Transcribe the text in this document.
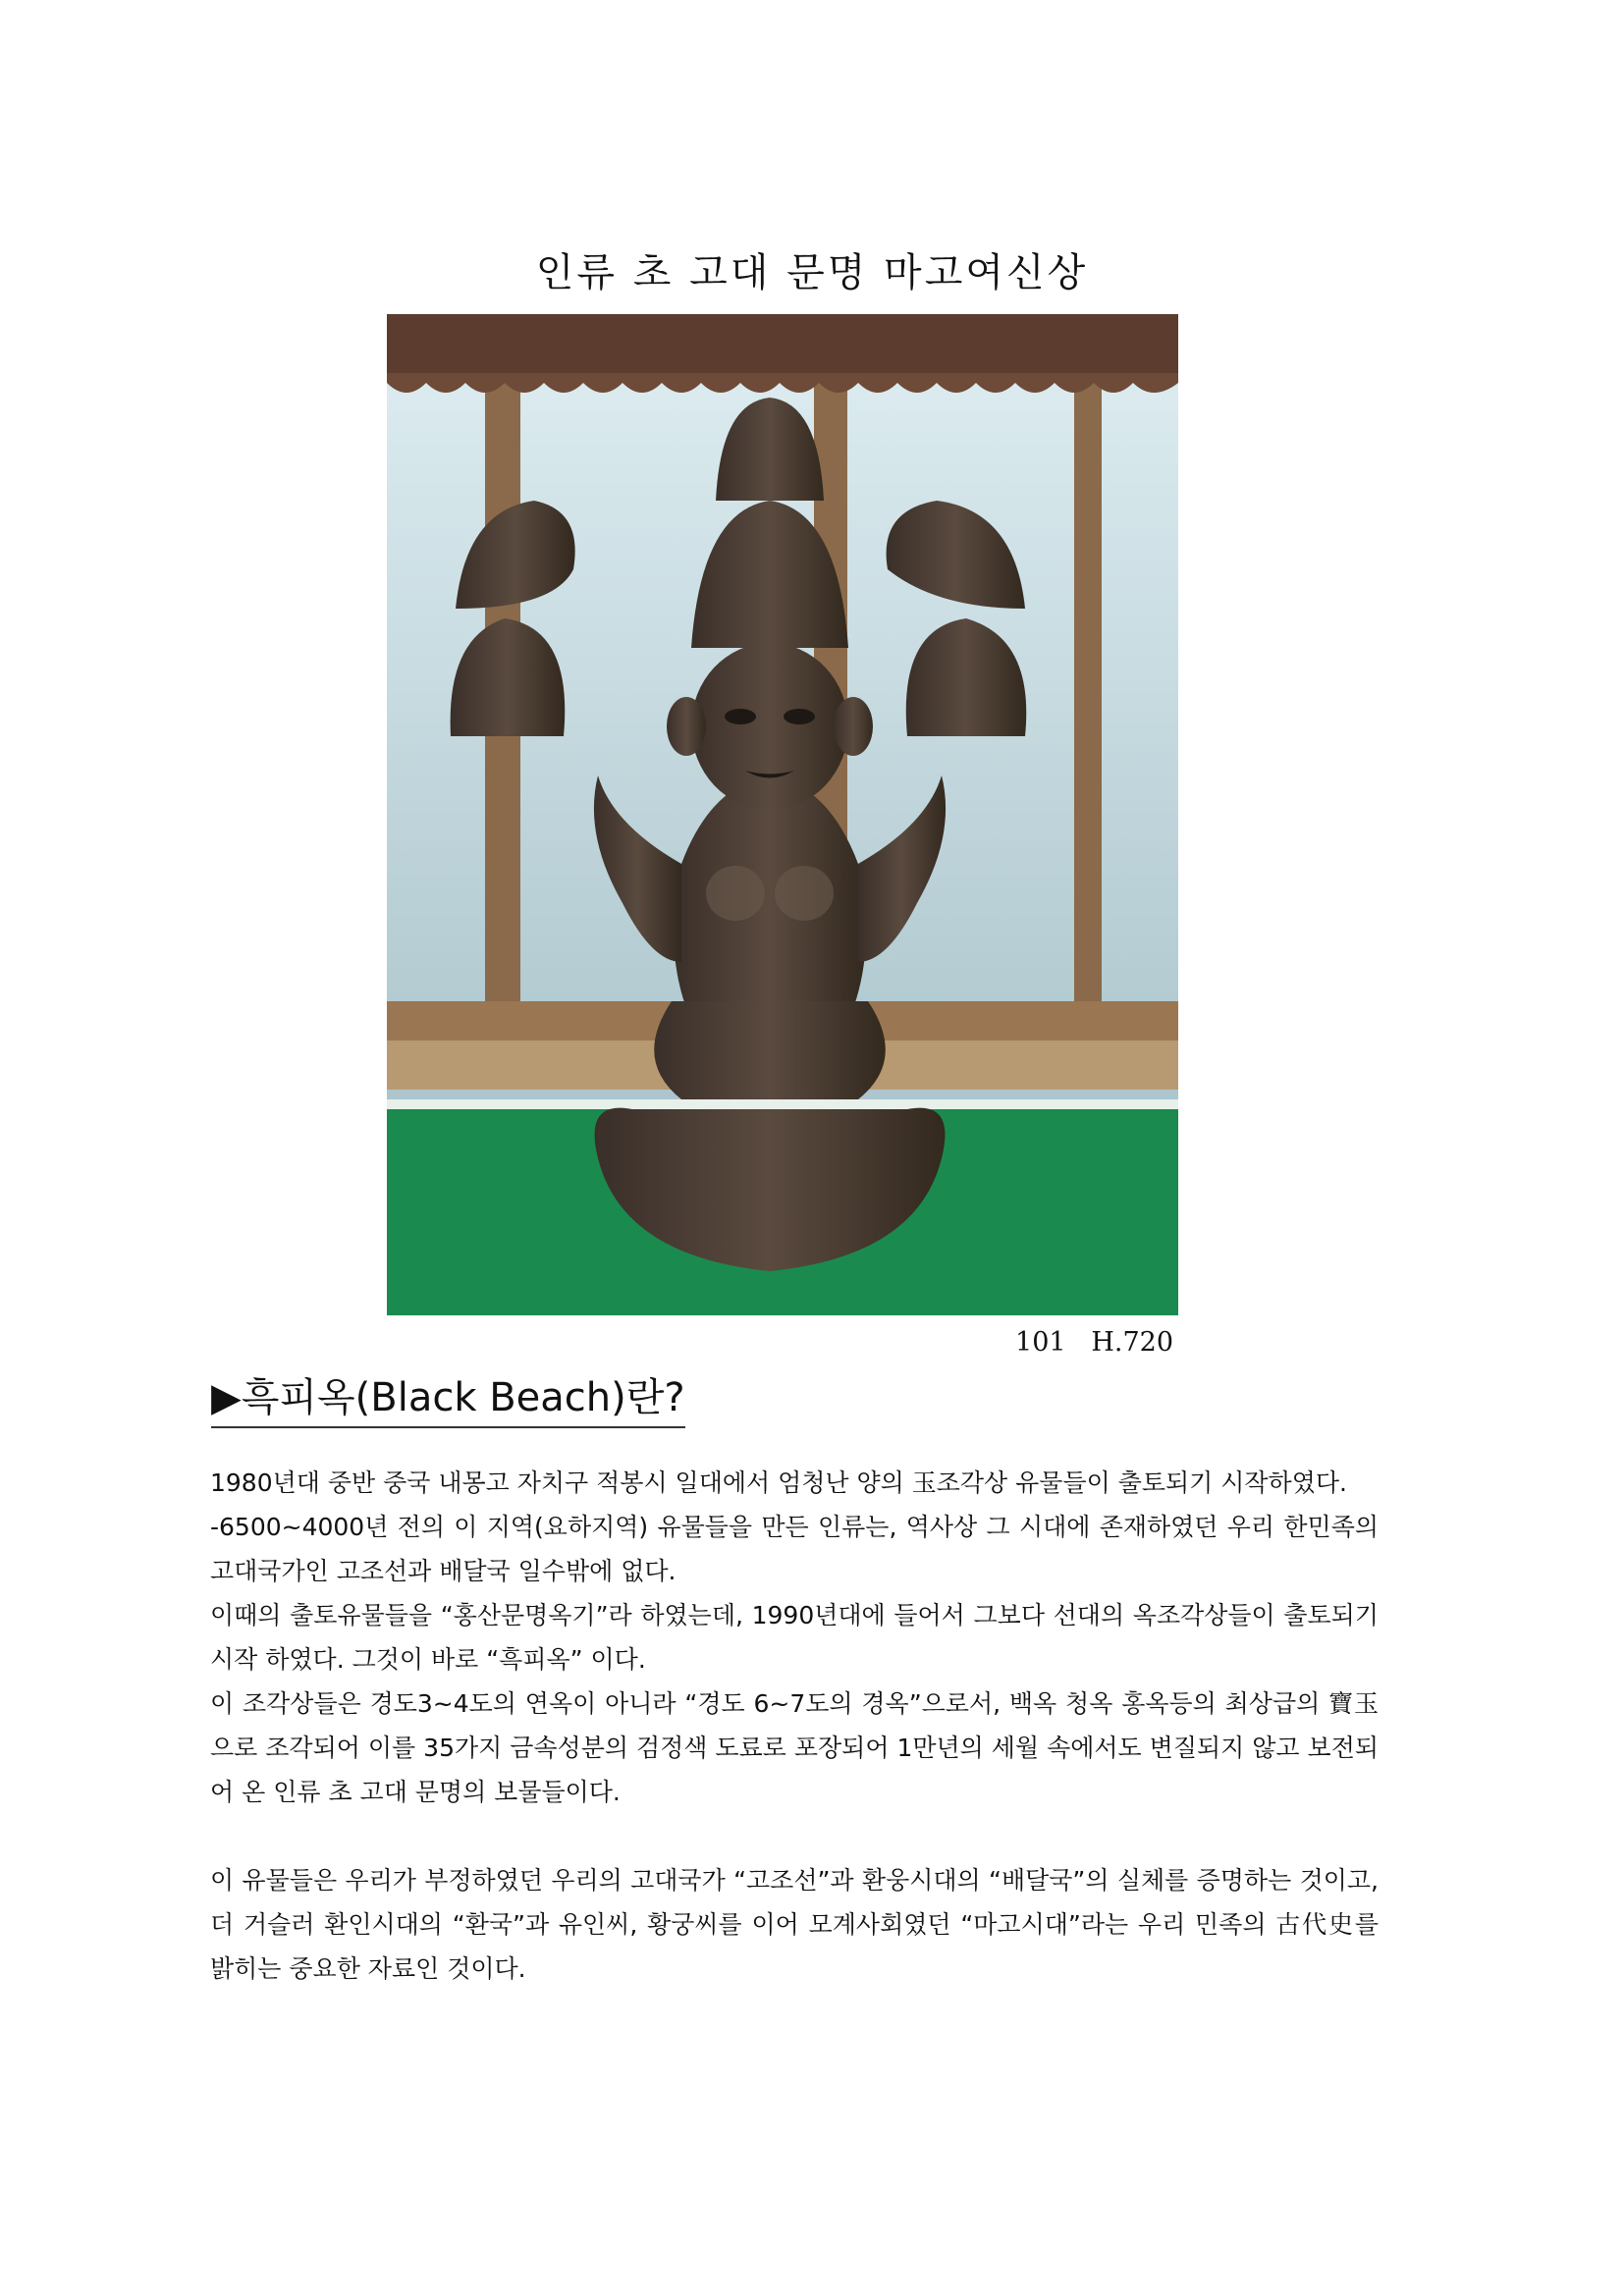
인류 초 고대 문명 마고여신상
101   H.720
▶흑피옥(Black Beach)란?

1980년대 중반 중국 내몽고 자치구 적봉시 일대에서 엄청난 양의 玉조각상 유물들이 출토되기 시작하였다.

-6500~4000년 전의 이 지역(요하지역) 유물들을 만든 인류는, 역사상 그 시대에 존재하였던 우리 한민족의 고대국가인 고조선과 배달국 일수밖에 없다.

이때의 출토유물들을 “홍산문명옥기”라 하였는데, 1990년대에 들어서 그보다 선대의 옥조각상들이 출토되기 시작 하였다. 그것이 바로 “흑피옥” 이다.

이 조각상들은 경도3~4도의 연옥이 아니라 “경도 6~7도의 경옥”으로서, 백옥 청옥 홍옥등의 최상급의 寶玉으로 조각되어 이를 35가지 금속성분의 검정색 도료로 포장되어 1만년의 세월 속에서도 변질되지 않고 보전되어 온 인류 초 고대 문명의 보물들이다.

이 유물들은 우리가 부정하였던 우리의 고대국가 “고조선”과 환웅시대의 “배달국”의 실체를 증명하는 것이고, 더 거슬러 환인시대의 “환국”과 유인씨, 황궁씨를 이어 모계사회였던 “마고시대”라는 우리 민족의 古代史를 밝히는 중요한 자료인 것이다.
